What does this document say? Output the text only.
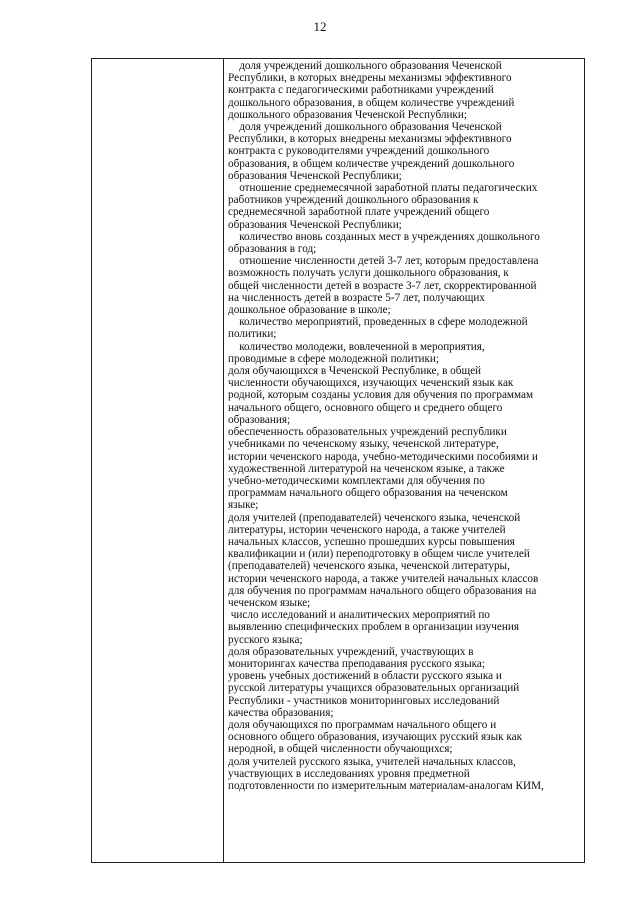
12

доля учреждений дошкольного образования Чеченской

Республики, в которых внедрены механизмы эффективного

контракта с педагогическими работниками учреждений

дошкольного образования, в общем количестве учреждений

дошкольного образования Чеченской Республики;

доля учреждений дошкольного образования Чеченской

Республики, в которых внедрены механизмы эффективного

контракта с руководителями учреждений дошкольного

образования, в общем количестве учреждений дошкольного

образования Чеченской Республики;

отношение среднемесячной заработной платы педагогических

работников учреждений дошкольного образования к

среднемесячной заработной плате учреждений общего

образования Чеченской Республики;

количество вновь созданных мест в учреждениях дошкольного

образования в год;

отношение численности детей 3-7 лет, которым предоставлена

возможность получать услуги дошкольного образования, к

общей численности детей в возрасте 3-7 лет, скорректированной

на численность детей в возрасте 5-7 лет, получающих

дошкольное образование в школе;

количество мероприятий, проведенных в сфере молодежной

политики;

количество молодежи, вовлеченной в мероприятия,

проводимые в сфере молодежной политики;

доля обучающихся в Чеченской Республике, в общей

численности обучающихся, изучающих чеченский язык как

родной, которым созданы условия для обучения по программам

начального общего, основного общего и среднего общего

образования;

обеспеченность образовательных учреждений республики

учебниками по чеченскому языку, чеченской литературе,

истории чеченского народа, учебно-методическими пособиями и

художественной литературой на чеченском языке, а также

учебно-методическими комплектами для обучения по

программам начального общего образования на чеченском

языке;

доля учителей (преподавателей) чеченского языка, чеченской

литературы, истории чеченского народа, а также учителей

начальных классов, успешно прошедших курсы повышения

квалификации и (или) переподготовку в общем числе учителей

(преподавателей) чеченского языка, чеченской литературы,

истории чеченского народа, а также учителей начальных классов

для обучения по программам начального общего образования на

чеченском языке;

число исследований и аналитических мероприятий по

выявлению специфических проблем в организации изучения

русского языка;

доля образовательных учреждений, участвующих в

мониторингах качества преподавания русского языка;

уровень учебных достижений в области русского языка и

русской литературы учащихся образовательных организаций

Республики - участников мониторинговых исследований

качества образования;

доля обучающихся по программам начального общего и

основного общего образования, изучающих русский язык как

неродной, в общей численности обучающихся;

доля учителей русского языка, учителей начальных классов,

участвующих в исследованиях уровня предметной

подготовленности по измерительным материалам-аналогам КИМ,
